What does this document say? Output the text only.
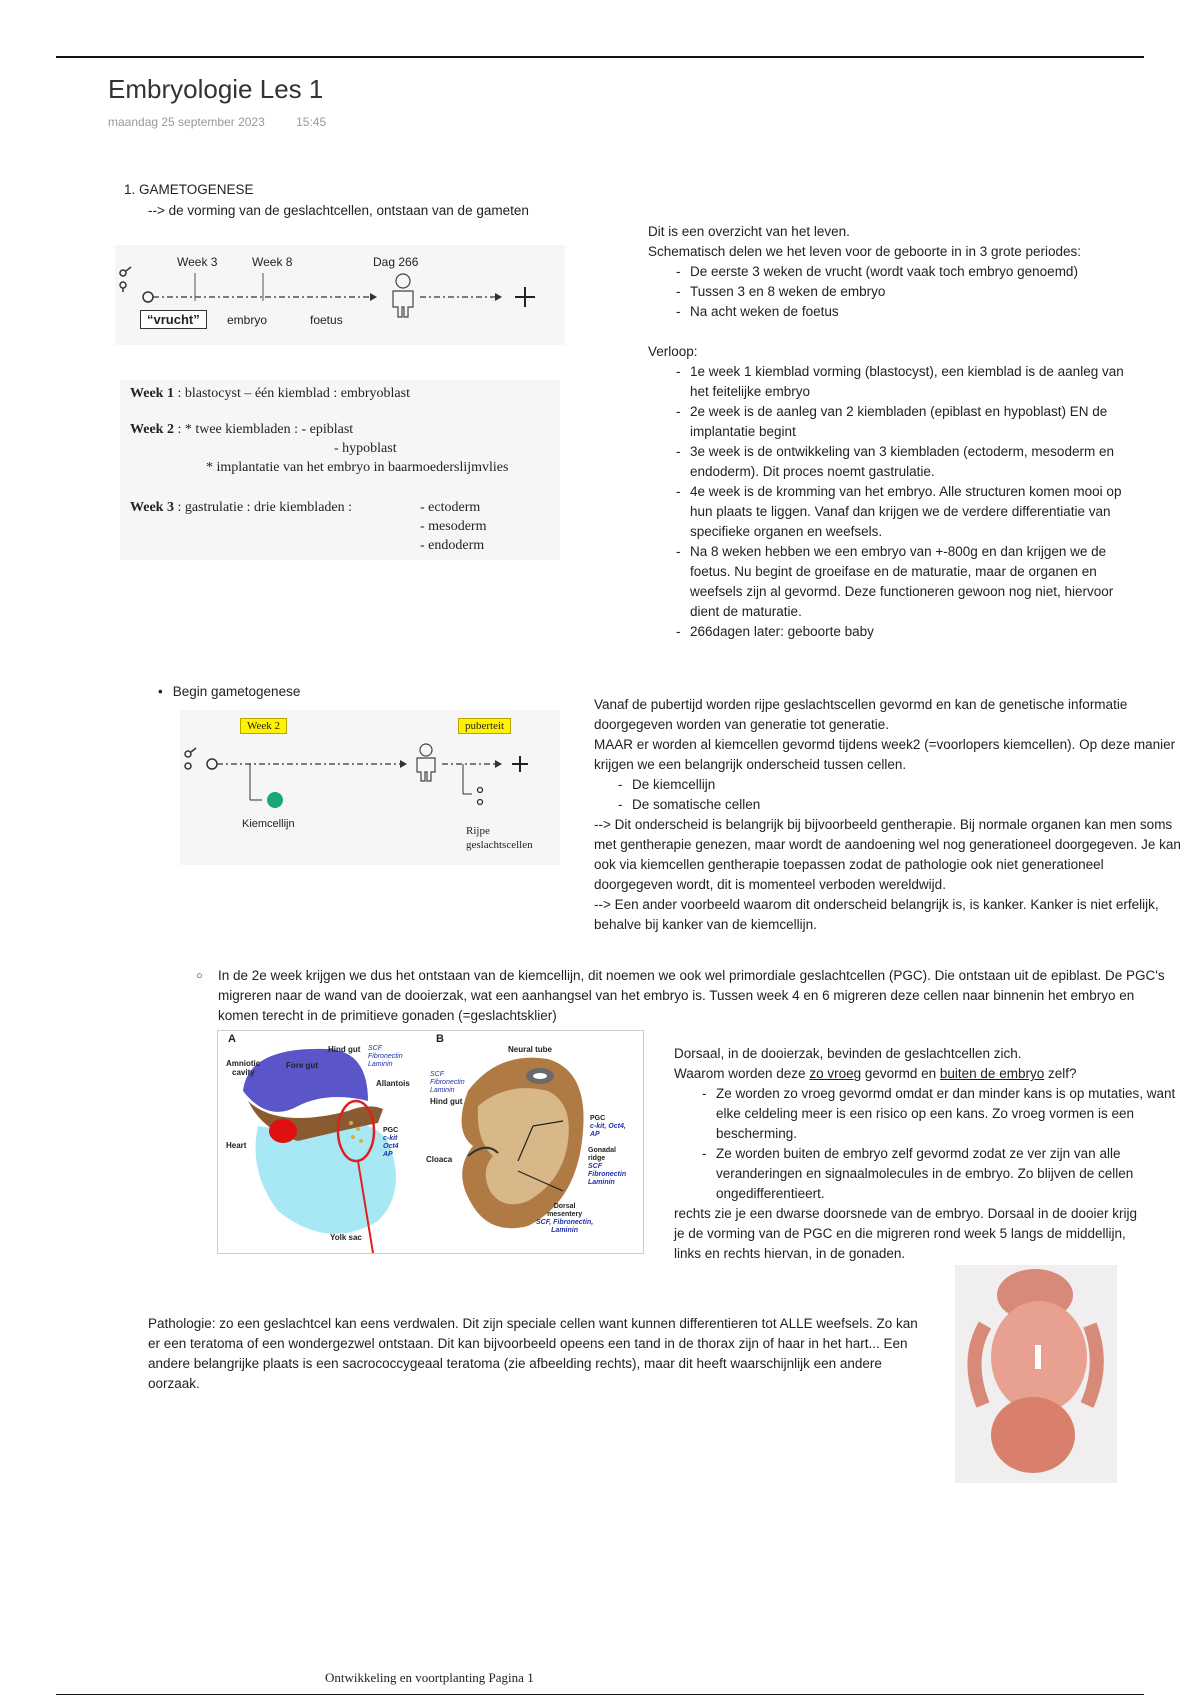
Embryologie Les 1
maandag 25 september 2023	15:45
1. GAMETOGENESE
--> de vorming van de geslachtcellen, ontstaan van de gameten
Week 3	Week 8	Dag 266
“vrucht”	embryo	foetus
Week 1 : blastocyst – één kiemblad : embryoblast
Week 2 : * twee kiembladen : - epiblast
- hypoblast
* implantatie van het embryo in baarmoederslijmvlies
Week 3 : gastrulatie : drie kiembladen :	- ectoderm
- mesoderm
- endoderm
Dit is een overzicht van het leven.
Schematisch delen we het leven voor de geboorte in in 3 grote periodes:
- De eerste 3 weken de vrucht (wordt vaak toch embryo genoemd)
- Tussen 3 en 8 weken de embryo
- Na acht weken de foetus
Verloop:
- 1e week 1 kiemblad vorming (blastocyst), een kiemblad is de aanleg van het feitelijke embryo
- 2e week is de aanleg van 2 kiembladen (epiblast en hypoblast) EN de implantatie begint
- 3e week is de ontwikkeling van 3 kiembladen (ectoderm, mesoderm en endoderm). Dit proces noemt gastrulatie.
- 4e week is de kromming van het embryo. Alle structuren komen mooi op hun plaats te liggen. Vanaf dan krijgen we de verdere differentiatie van specifieke organen en weefsels.
- Na 8 weken hebben we een embryo van +-800g en dan krijgen we de foetus. Nu begint de groeifase en de maturatie, maar de organen en weefsels zijn al gevormd. Deze functioneren gewoon nog niet, hiervoor dient de maturatie.
- 266dagen later: geboorte baby
• Begin gametogenese
Week 2	puberteit
Kiemcellijn
Rijpe
geslachtscellen
Vanaf de pubertijd worden rijpe geslachtscellen gevormd en kan de genetische informatie doorgegeven worden van generatie tot generatie.
MAAR er worden al kiemcellen gevormd tijdens week2 (=voorlopers kiemcellen). Op deze manier krijgen we een belangrijk onderscheid tussen cellen.
- De kiemcellijn
- De somatische cellen
--> Dit onderscheid is belangrijk bij bijvoorbeeld gentherapie. Bij normale organen kan men soms met gentherapie genezen, maar wordt de aandoening wel nog generationeel doorgegeven. Je kan ook via kiemcellen gentherapie toepassen zodat de pathologie ook niet generationeel doorgegeven wordt, dit is momenteel verboden wereldwijd.
--> Een ander voorbeeld waarom dit onderscheid belangrijk is, is kanker. Kanker is niet erfelijk, behalve bij kanker van de kiemcellijn.
○	In de 2e week krijgen we dus het ontstaan van de kiemcellijn, dit noemen we ook wel primordiale geslachtcellen (PGC). Die ontstaan uit de epiblast. De PGC's migreren naar de wand van de dooierzak, wat een aanhangsel van het embryo is. Tussen week 4 en 6 migreren deze cellen naar binnenin het embryo en komen terecht in de primitieve gonaden (=geslachtsklier)
A	B
Amniotic
cavity
Fore gut
Hind gut SCF
Fibronectin
Laminin
Allantois
Heart
PGC
c-kit
Oct4
AP
Yolk sac
Neural tube
SCF
Fibronectin
Laminin
Hind gut
Cloaca
PGC
c-kit, Oct4,
AP
Gonadal
ridge
SCF
Fibronectin
Laminin
Dorsal
mesentery
SCF, Fibronectin,
Laminin
Dorsaal, in de dooierzak, bevinden de geslachtcellen zich.
Waarom worden deze zo vroeg gevormd en buiten de embryo zelf?
- Ze worden zo vroeg gevormd omdat er dan minder kans is op mutaties, want elke celdeling meer is een risico op een kans. Zo vroeg vormen is een bescherming.
- Ze worden buiten de embryo zelf gevormd zodat ze ver zijn van alle veranderingen en signaalmolecules in de embryo. Zo blijven de cellen ongedifferentieert.
rechts zie je een dwarse doorsnede van de embryo. Dorsaal in de dooier krijg je de vorming van de PGC en die migreren rond week 5 langs de middellijn, links en rechts hiervan, in de gonaden.
Pathologie: zo een geslachtcel kan eens verdwalen. Dit zijn speciale cellen want kunnen differentieren tot ALLE weefsels. Zo kan er een teratoma of een wondergezwel ontstaan. Dit kan bijvoorbeeld opeens een tand in de thorax zijn of haar in het hart... Een andere belangrijke plaats is een sacrococcygeaal teratoma (zie afbeelding rechts), maar dit heeft waarschijnlijk een andere oorzaak.
Ontwikkeling en voortplanting Pagina 1
